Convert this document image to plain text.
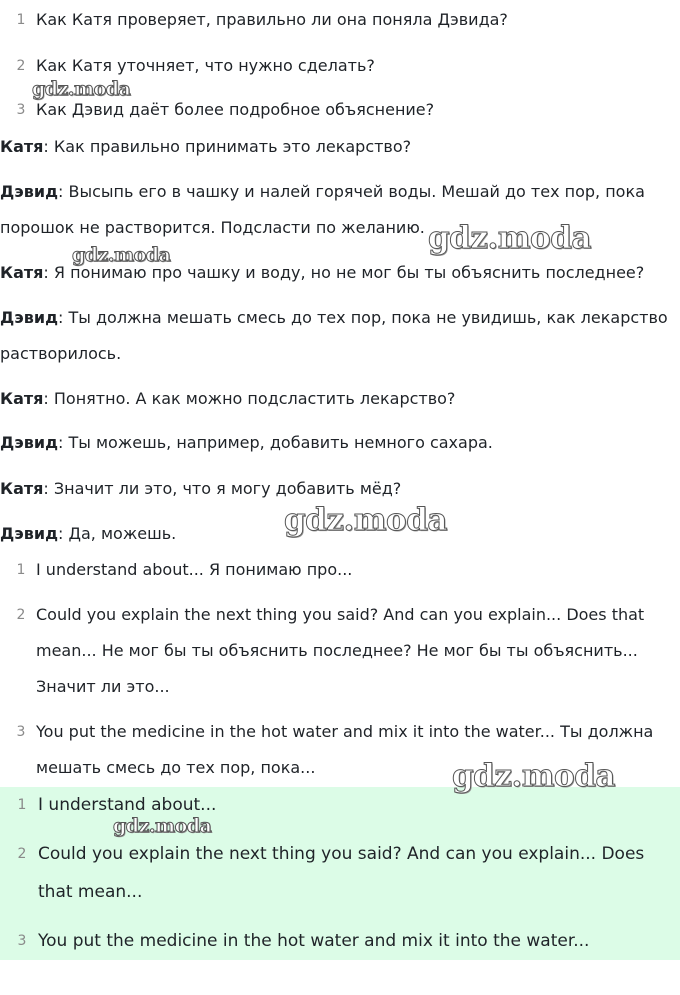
1 Как Катя проверяет, правильно ли она поняла Дэвида?
2 Как Катя уточняет, что нужно сделать?
3 Как Дэвид даёт более подробное объяснение?
Катя: Как правильно принимать это лекарство?
Дэвид: Высыпь его в чашку и налей горячей воды. Мешай до тех пор, пока
порошок не растворится. Подсласти по желанию.
Катя: Я понимаю про чашку и воду, но не мог бы ты объяснить последнее?
Дэвид: Ты должна мешать смесь до тех пор, пока не увидишь, как лекарство
растворилось.
Катя: Понятно. А как можно подсластить лекарство?
Дэвид: Ты можешь, например, добавить немного сахара.
Катя: Значит ли это, что я могу добавить мёд?
Дэвид: Да, можешь.
1 I understand about... Я понимаю про...
2 Could you explain the next thing you said? And can you explain... Does that
mean... Не мог бы ты объяснить последнее? Не мог бы ты объяснить...
Значит ли это...
3 You put the medicine in the hot water and mix it into the water... Ты должна
мешать смесь до тех пор, пока...
1 I understand about...
2 Could you explain the next thing you said? And can you explain... Does
that mean...
3 You put the medicine in the hot water and mix it into the water...
gdz.moda
gdz.moda	gdz.moda
gdz.moda
gdz.moda
gdz.moda
